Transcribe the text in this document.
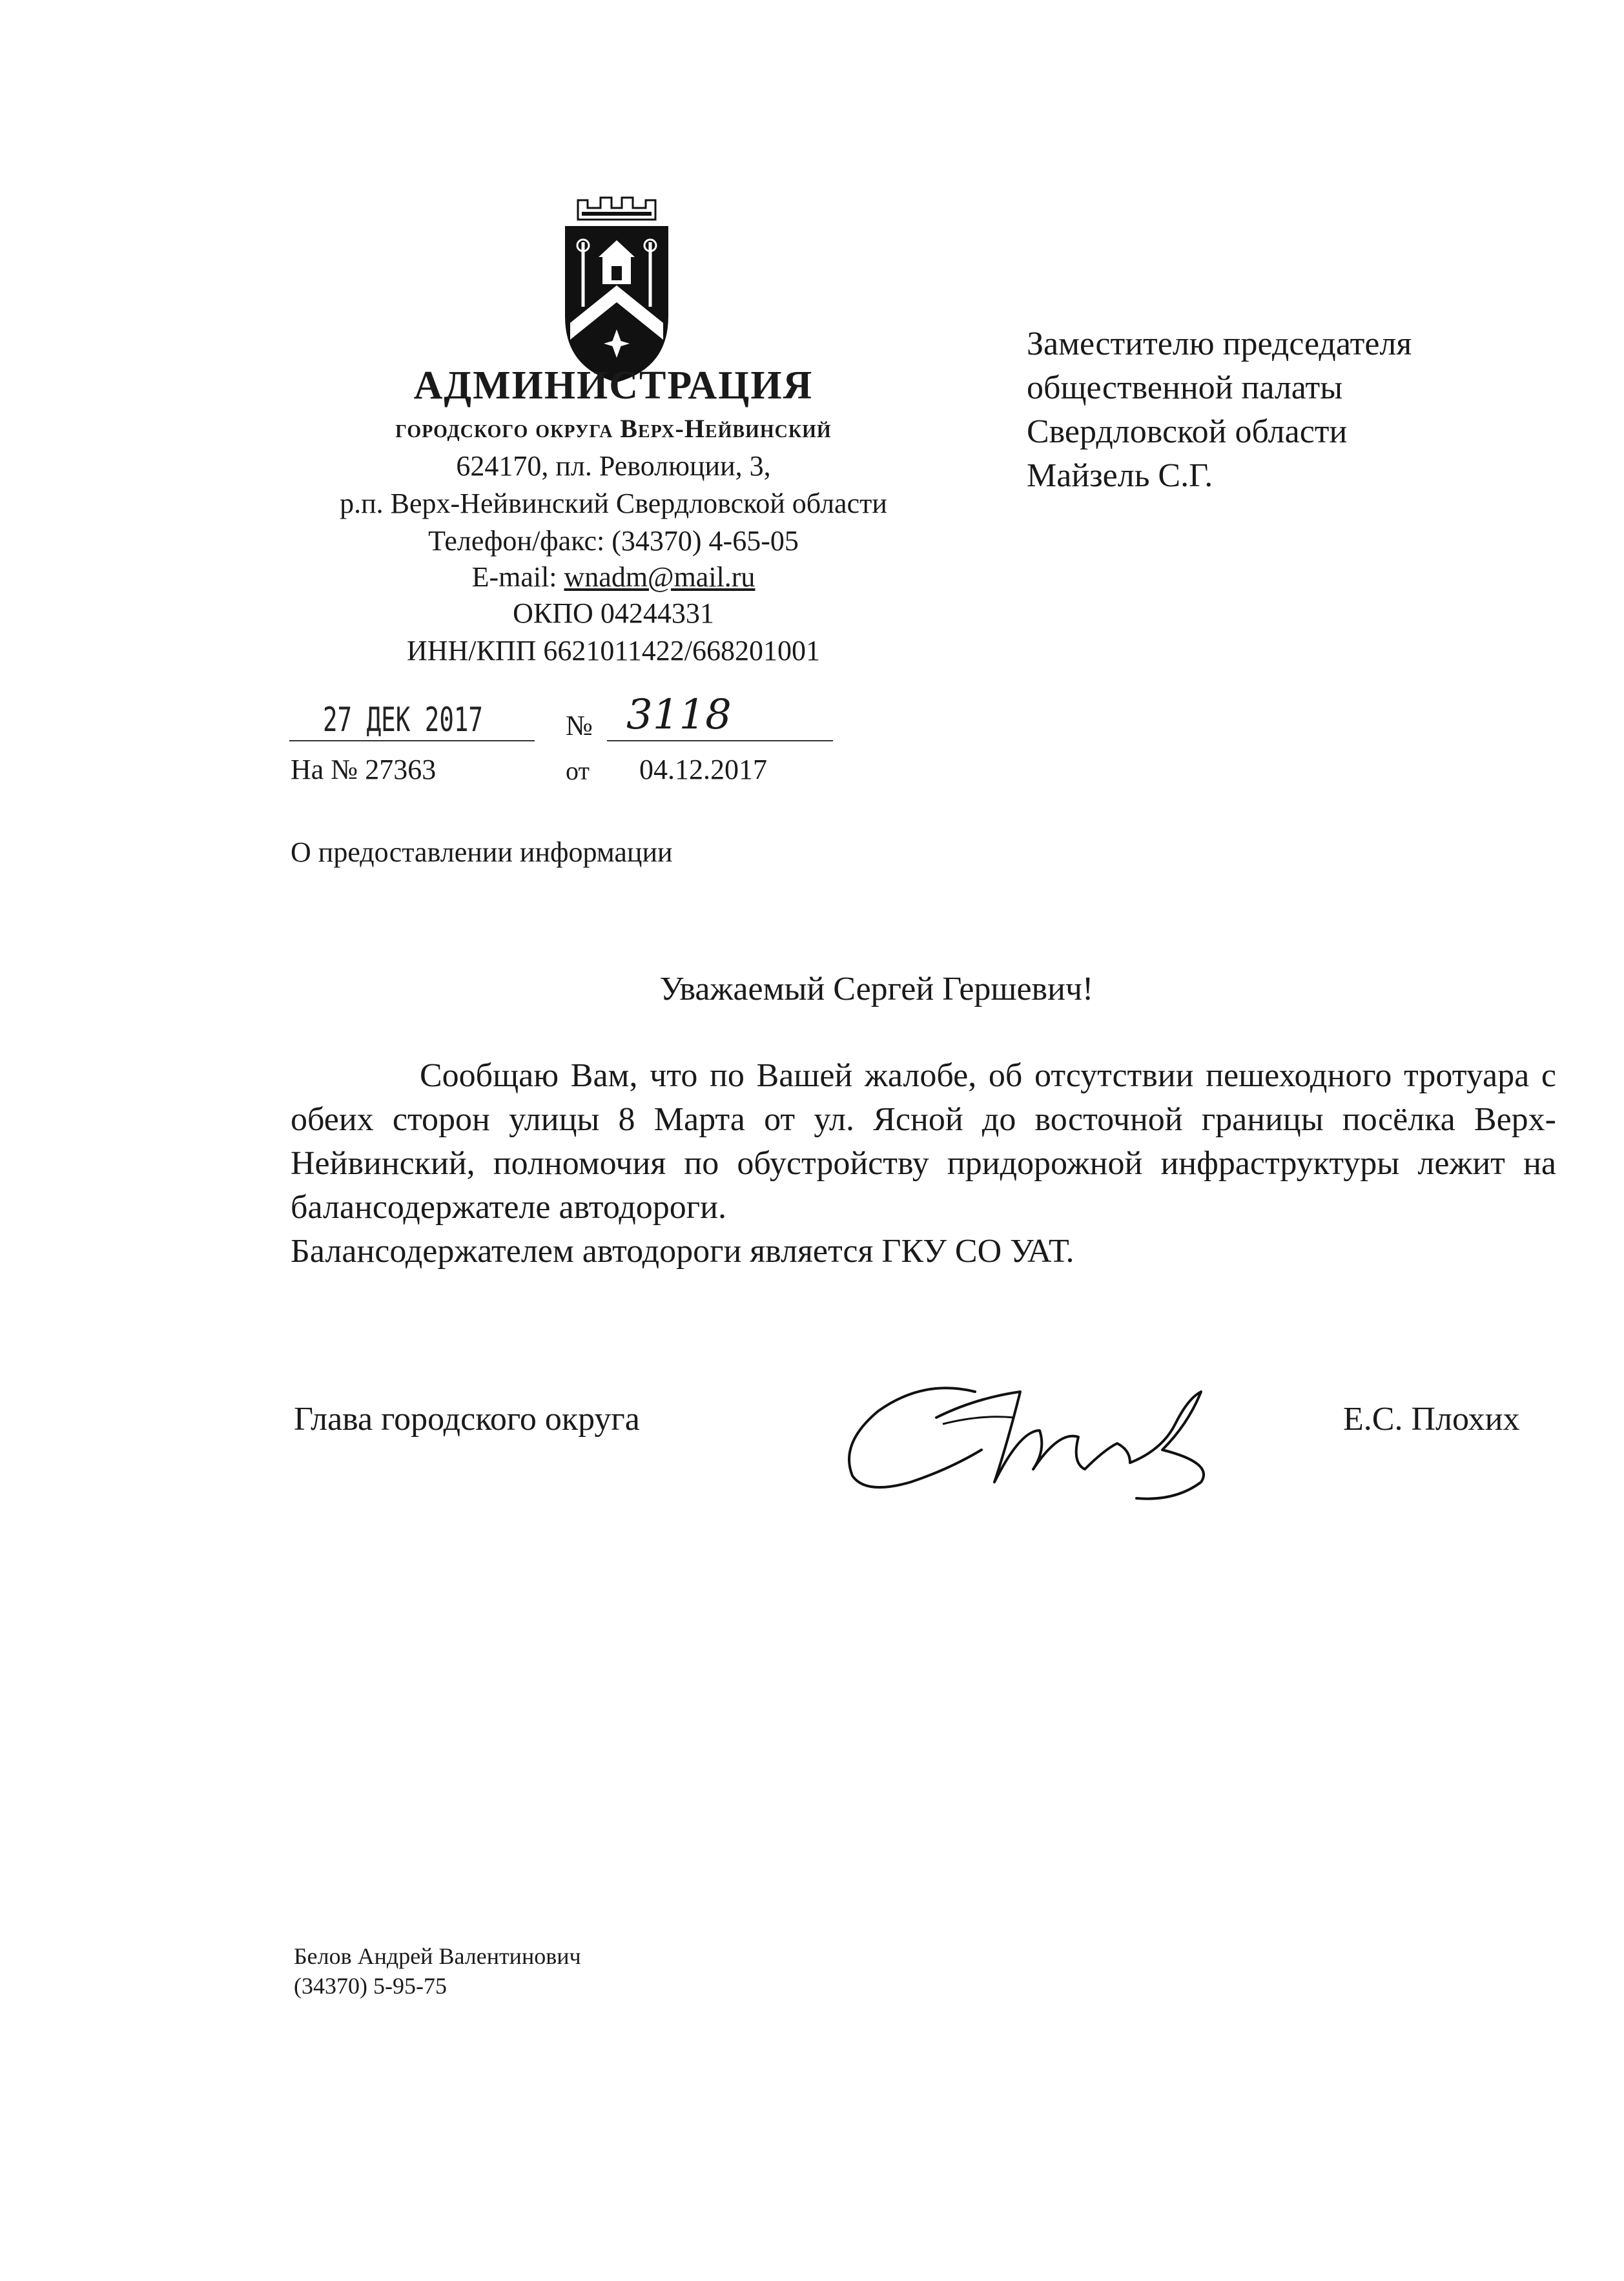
АДМИНИСТРАЦИЯ
городского округа Верх-Нейвинский
624170, пл. Революции, 3,
р.п. Верх-Нейвинский Свердловской области
Телефон/факс: (34370) 4-65-05
E-mail: wnadm@mail.ru
ОКПО 04244331
ИНН/КПП 6621011422/668201001
Заместителю председателя
общественной палаты
Свердловской области
Майзель С.Г.
27 ДЕК 2017	№ 3118
На № 27363	от 04.12.2017
О предоставлении информации
Уважаемый Сергей Гершевич!

Сообщаю Вам, что по Вашей жалобе, об отсутствии пешеходного тротуара с обеих сторон улицы 8 Марта от ул. Ясной до восточной границы посёлка Верх-Нейвинский, полномочия по обустройству придорожной инфраструктуры лежит на балансодержателе автодороги.

Балансодержателем автодороги является ГКУ СО УАТ.

Глава городского округа	Е.С. Плохих
Белов Андрей Валентинович
(34370) 5-95-75
